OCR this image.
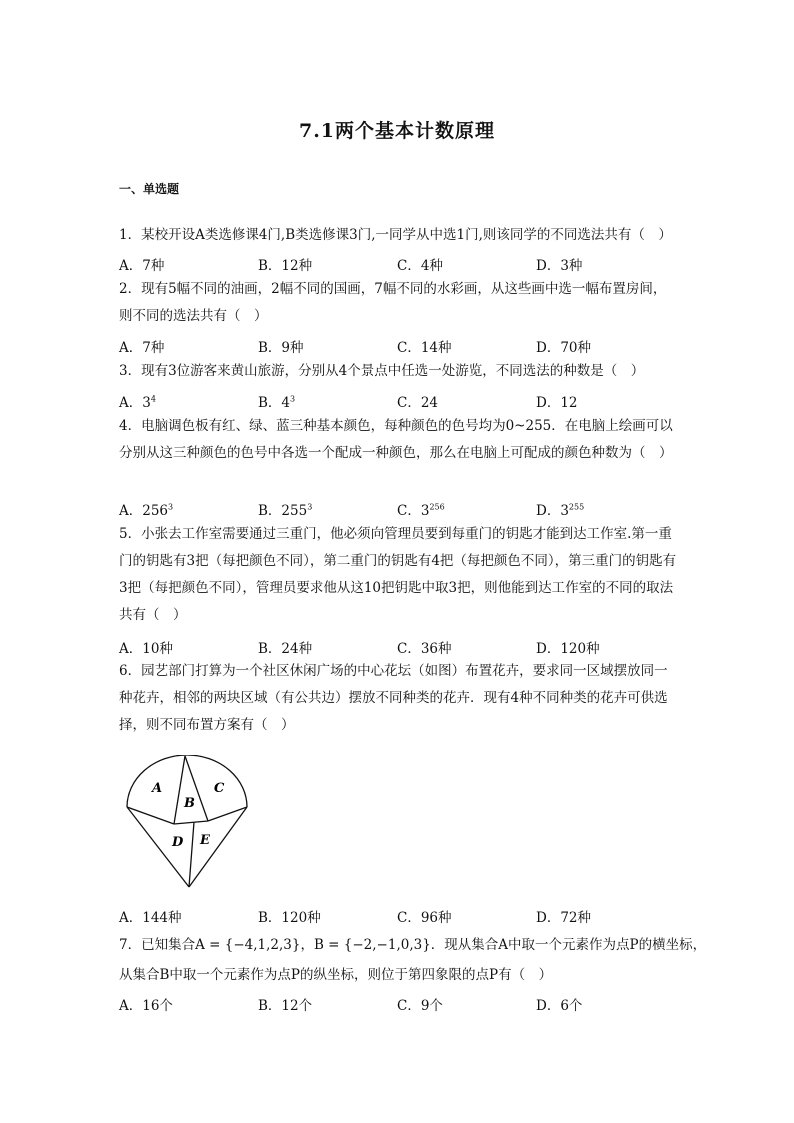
7.1两个基本计数原理
一、单选题
1．某校开设A类选修课4门,B类选修课3门,一同学从中选1门,则该同学的不同选法共有（　）
A．7种	B．12种	C．4种	D．3种
2．现有5幅不同的油画，2幅不同的国画，7幅不同的水彩画，从这些画中选一幅布置房间，则不同的选法共有（　）
A．7种	B．9种	C．14种	D．70种
3．现有3位游客来黄山旅游，分别从4个景点中任选一处游览，不同选法的种数是（　）
A．$3^4$	B．$4^3$	C．24	D．12
4．电脑调色板有红、绿、蓝三种基本颜色，每种颜色的色号均为0~255．在电脑上绘画可以分别从这三种颜色的色号中各选一个配成一种颜色，那么在电脑上可配成的颜色种数为（　）
A．$256^3$	B．$255^3$	C．$3^{256}$	D．$3^{255}$
5．小张去工作室需要通过三重门，他必须向管理员要到每重门的钥匙才能到达工作室.第一重门的钥匙有3把（每把颜色不同），第二重门的钥匙有4把（每把颜色不同），第三重门的钥匙有3把（每把颜色不同），管理员要求他从这10把钥匙中取3把，则他能到达工作室的不同的取法共有（　）
A．10种	B．24种	C．36种	D．120种
6．园艺部门打算为一个社区休闲广场的中心花坛（如图）布置花卉，要求同一区域摆放同一种花卉，相邻的两块区域（有公共边）摆放不同种类的花卉．现有4种不同种类的花卉可供选择，则不同布置方案有（　）
A
B
C
D E
A．144种	B．120种	C．96种	D．72种
7．已知集合A = {−4,1,2,3}，B = {−2,−1,0,3}．现从集合A中取一个元素作为点P的横坐标，
从集合B中取一个元素作为点P的纵坐标，则位于第四象限的点P有（　）
A．16个	B．12个	C．9个	D．6个
